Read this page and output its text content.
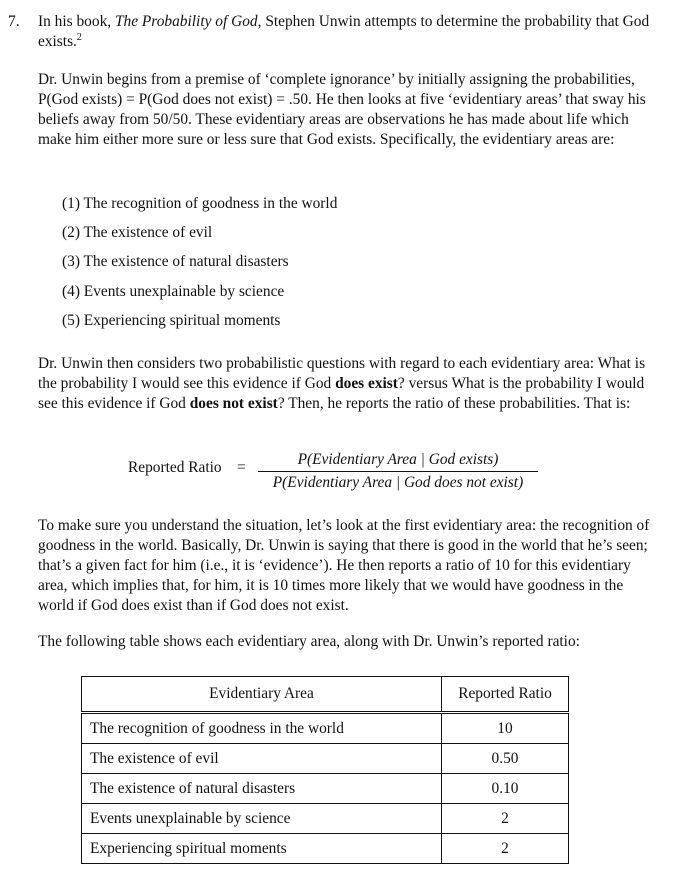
7. In his book, The Probability of God, Stephen Unwin attempts to determine the probability that God exists.$^2$

Dr. Unwin begins from a premise of ‘complete ignorance’ by initially assigning the probabilities, P(God exists) = P(God does not exist) = .50. He then looks at five ‘evidentiary areas’ that sway his beliefs away from 50/50. These evidentiary areas are observations he has made about life which make him either more sure or less sure that God exists. Specifically, the evidentiary areas are:

(1) The recognition of goodness in the world
(2) The existence of evil
(3) The existence of natural disasters
(4) Events unexplainable by science
(5) Experiencing spiritual moments

Dr. Unwin then considers two probabilistic questions with regard to each evidentiary area: What is the probability I would see this evidence if God does exist? versus What is the probability I would see this evidence if God does not exist? Then, he reports the ratio of these probabilities. That is:

Reported Ratio =	P(Evidentiary Area | God exists)
P(Evidentiary Area | God does not exist)

To make sure you understand the situation, let’s look at the first evidentiary area: the recognition of goodness in the world. Basically, Dr. Unwin is saying that there is good in the world that he’s seen; that’s a given fact for him (i.e., it is ‘evidence’). He then reports a ratio of 10 for this evidentiary area, which implies that, for him, it is 10 times more likely that we would have goodness in the world if God does exist than if God does not exist.

The following table shows each evidentiary area, along with Dr. Unwin’s reported ratio:

Evidentiary Area	Reported Ratio
The recognition of goodness in the world	10
The existence of evil	0.50
The existence of natural disasters	0.10
Events unexplainable by science	2
Experiencing spiritual moments	2
